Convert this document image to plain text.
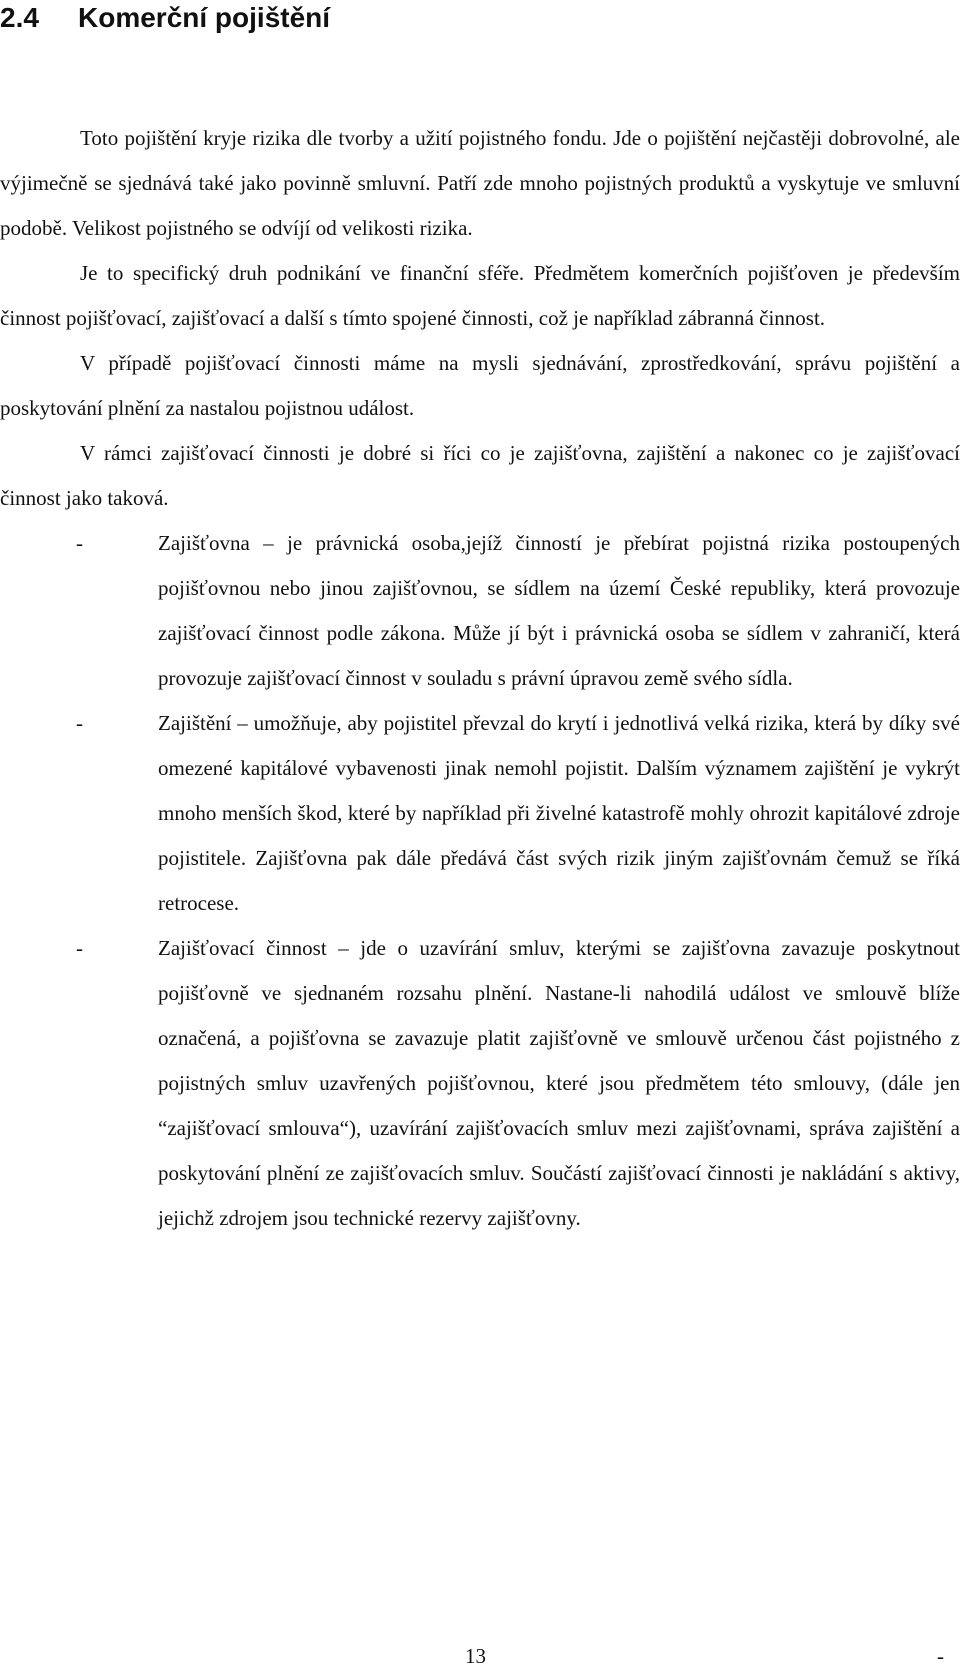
2.4 Komerční pojištění

Toto pojištění kryje rizika dle tvorby a užití pojistného fondu. Jde o pojištění nejčastěji dobrovolné, ale výjimečně se sjednává také jako povinně smluvní. Patří zde mnoho pojistných produktů a vyskytuje ve smluvní podobě. Velikost pojistného se odvíjí od velikosti rizika.

Je to specifický druh podnikání ve finanční sféře. Předmětem komerčních pojišťoven je především činnost pojišťovací, zajišťovací a další s tímto spojené činnosti, což je například zábranná činnost.

V případě pojišťovací činnosti máme na mysli sjednávání, zprostředkování, správu pojištění a poskytování plnění za nastalou pojistnou událost.

V rámci zajišťovací činnosti je dobré si říci co je zajišťovna, zajištění a nakonec co je zajišťovací činnost jako taková.

-	Zajišťovna – je právnická osoba,jejíž činností je přebírat pojistná rizika postoupených pojišťovnou nebo jinou zajišťovnou, se sídlem na území České republiky, která provozuje zajišťovací činnost podle zákona. Může jí být i právnická osoba se sídlem v zahraničí, která provozuje zajišťovací činnost v souladu s právní úpravou země svého sídla.
-	Zajištění – umožňuje, aby pojistitel převzal do krytí i jednotlivá velká rizika, která by díky své omezené kapitálové vybavenosti jinak nemohl pojistit. Dalším významem zajištění je vykrýt mnoho menších škod, které by například při živelné katastrofě mohly ohrozit kapitálové zdroje pojistitele. Zajišťovna pak dále předává část svých rizik jiným zajišťovnám čemuž se říká retrocese.
-	Zajišťovací činnost – jde o uzavírání smluv, kterými se zajišťovna zavazuje poskytnout pojišťovně ve sjednaném rozsahu plnění. Nastane-li nahodilá událost ve smlouvě blíže označená, a pojišťovna se zavazuje platit zajišťovně ve smlouvě určenou část pojistného z pojistných smluv uzavřených pojišťovnou, které jsou předmětem této smlouvy, (dále jen “zajišťovací smlouva“), uzavírání zajišťovacích smluv mezi zajišťovnami, správa zajištění a poskytování plnění ze zajišťovacích smluv. Součástí zajišťovací činnosti je nakládání s aktivy, jejichž zdrojem jsou technické rezervy zajišťovny.
13	-
